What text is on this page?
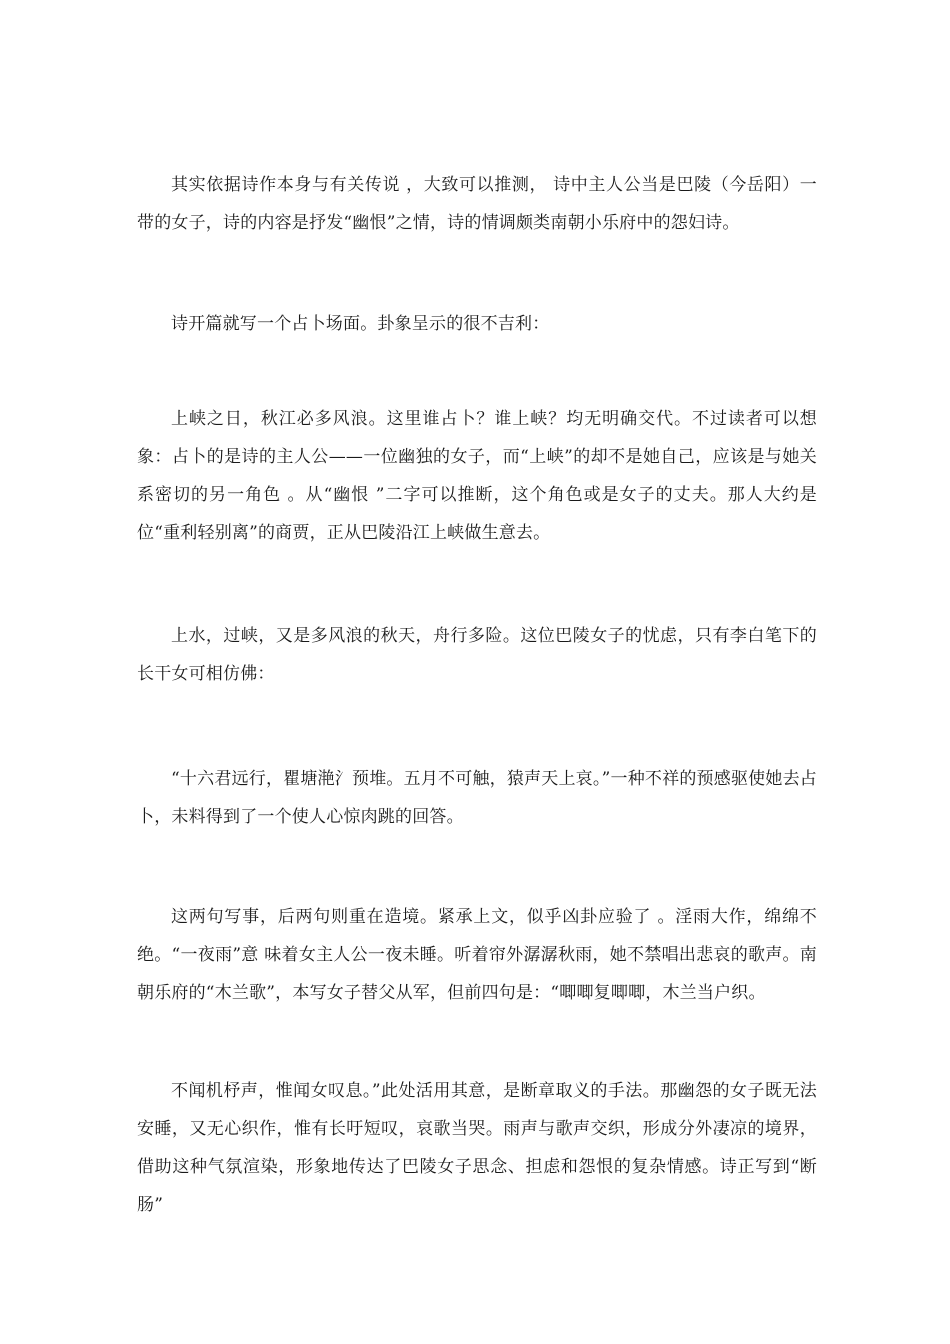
其实依据诗作本身与有关传说 ，大致可以推测， 诗中主人公当是巴陵（今岳阳）一带的女子，诗的内容是抒发“幽恨”之情，诗的情调颇类南朝小乐府中的怨妇诗。

诗开篇就写一个占卜场面。卦象呈示的很不吉利：

上峡之日，秋江必多风浪。这里谁占卜？谁上峡？均无明确交代。不过读者可以想象：占卜的是诗的主人公——一位幽独的女子，而“上峡”的却不是她自己，应该是与她关系密切的另一角色 。从“幽恨 ”二字可以推断，这个角色或是女子的丈夫。那人大约是位“重利轻别离”的商贾，正从巴陵沿江上峡做生意去。

上水，过峡，又是多风浪的秋天，舟行多险。这位巴陵女子的忧虑，只有李白笔下的长干女可相仿佛：

“十六君远行，瞿塘滟氵预堆。五月不可触，猿声天上哀。”一种不祥的预感驱使她去占卜，未料得到了一个使人心惊肉跳的回答。

这两句写事，后两句则重在造境。紧承上文，似乎凶卦应验了 。淫雨大作，绵绵不绝。“一夜雨”意 味着女主人公一夜未睡。听着帘外潺潺秋雨，她不禁唱出悲哀的歌声。南朝乐府的“木兰歌”，本写女子替父从军，但前四句是：“唧唧复唧唧，木兰当户织。

不闻机杼声，惟闻女叹息。”此处活用其意，是断章取义的手法。那幽怨的女子既无法安睡，又无心织作，惟有长吁短叹，哀歌当哭。雨声与歌声交织，形成分外凄凉的境界，借助这种气氛渲染，形象地传达了巴陵女子思念、担虑和怨恨的复杂情感。诗正写到“断肠”
